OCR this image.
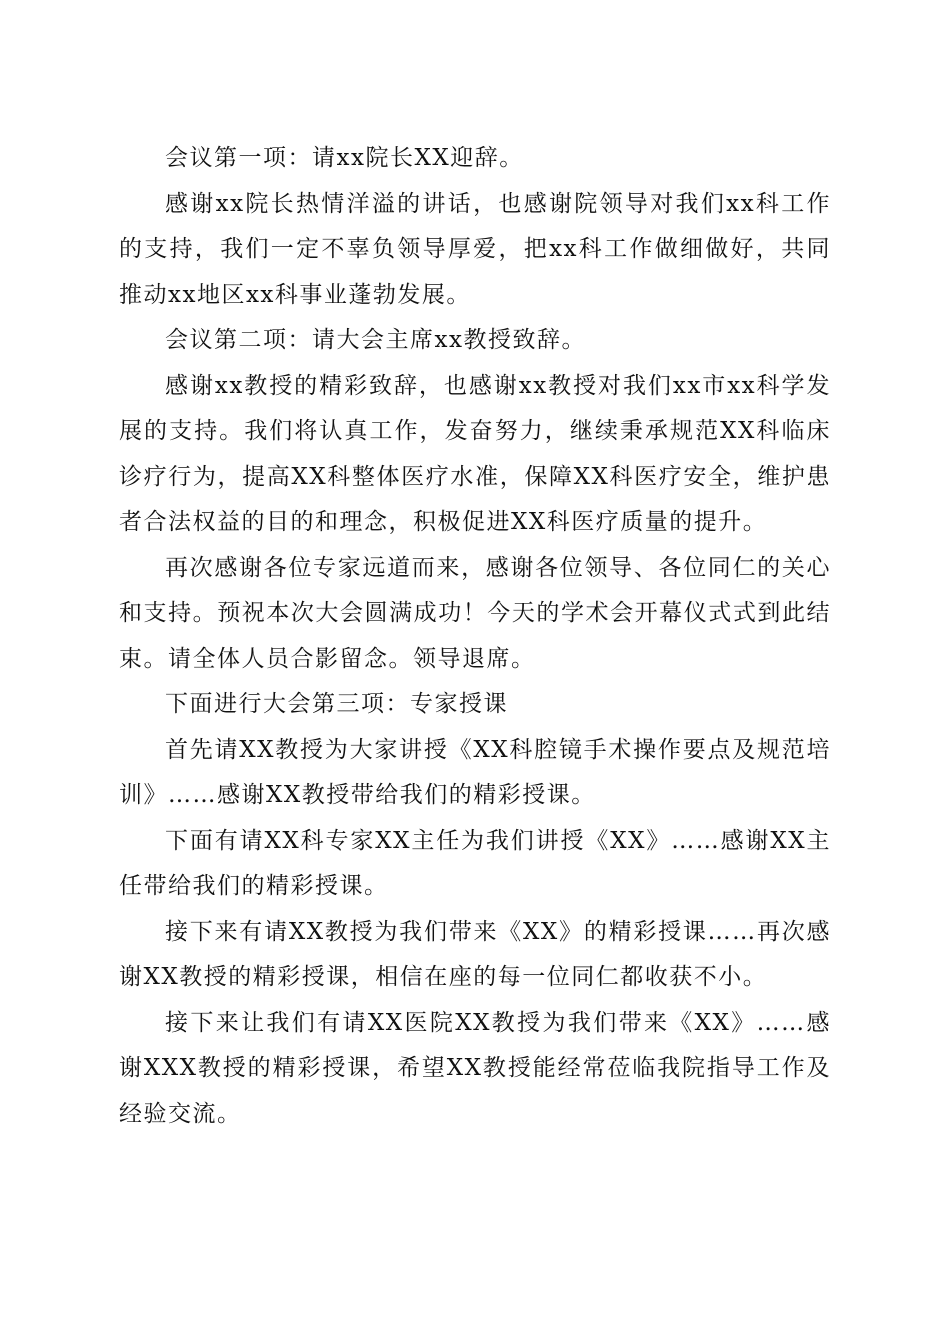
会议第一项：请xx院长XX迎辞。

感谢xx院长热情洋溢的讲话，也感谢院领导对我们xx科工作的支持，我们一定不辜负领导厚爱，把xx科工作做细做好，共同推动xx地区xx科事业蓬勃发展。

会议第二项：请大会主席xx教授致辞。

感谢xx教授的精彩致辞，也感谢xx教授对我们xx市xx科学发展的支持。我们将认真工作，发奋努力，继续秉承规范XX科临床诊疗行为，提高XX科整体医疗水准，保障XX科医疗安全，维护患者合法权益的目的和理念，积极促进XX科医疗质量的提升。

再次感谢各位专家远道而来，感谢各位领导、各位同仁的关心和支持。预祝本次大会圆满成功！今天的学术会开幕仪式式到此结束。请全体人员合影留念。领导退席。

下面进行大会第三项：专家授课

首先请XX教授为大家讲授《XX科腔镜手术操作要点及规范培训》……感谢XX教授带给我们的精彩授课。

下面有请XX科专家XX主任为我们讲授《XX》……感谢XX主任带给我们的精彩授课。

接下来有请XX教授为我们带来《XX》的精彩授课……再次感谢XX教授的精彩授课，相信在座的每一位同仁都收获不小。

接下来让我们有请XX医院XX教授为我们带来《XX》……感谢XXX教授的精彩授课，希望XX教授能经常莅临我院指导工作及经验交流。
